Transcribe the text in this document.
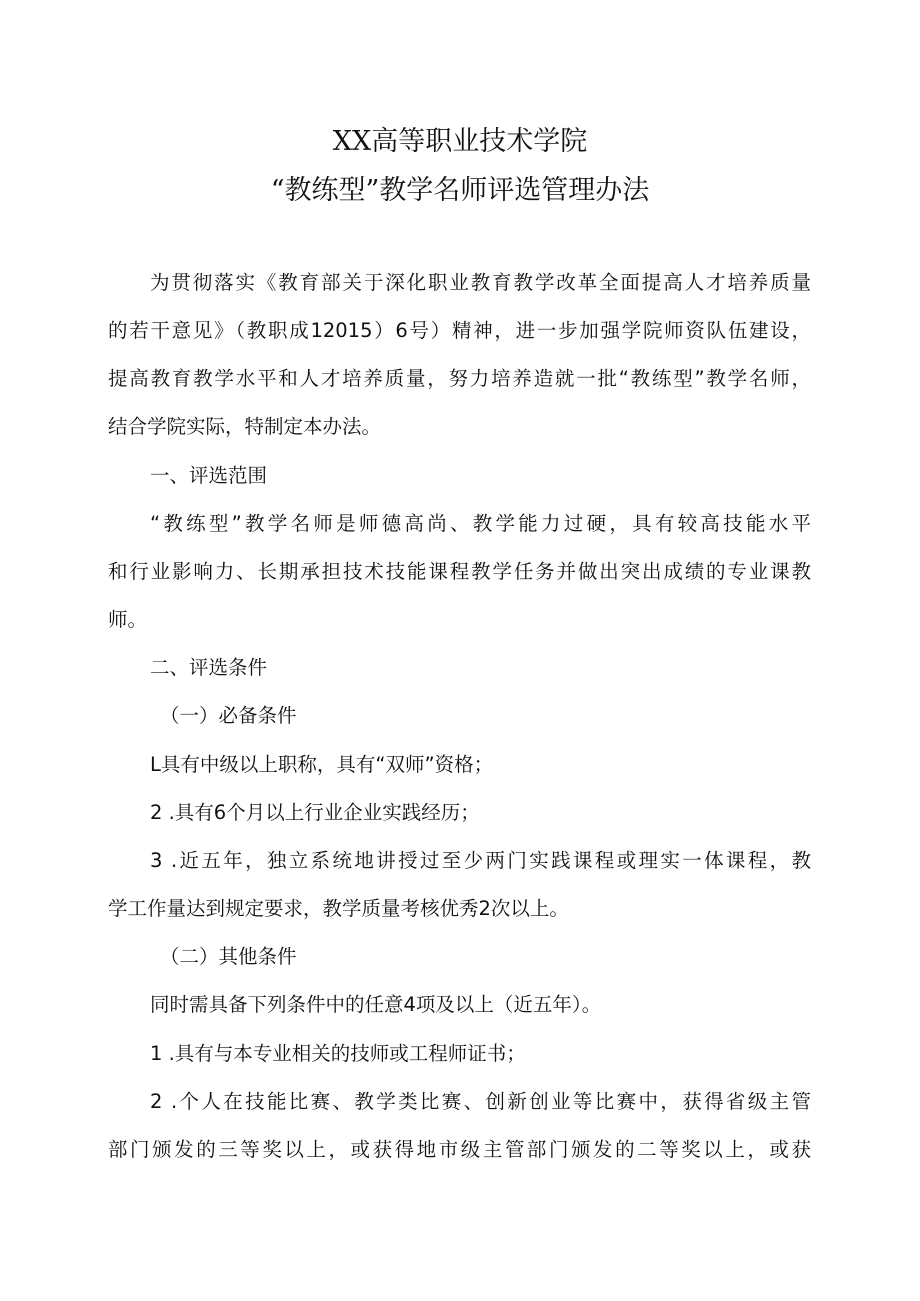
XX高等职业技术学院
“教练型”教学名师评选管理办法
为贯彻落实《教育部关于深化职业教育教学改革全面提高人才培养质量
的若干意见》（教职成12015）6号）精神，进一步加强学院师资队伍建设，
提高教育教学水平和人才培养质量，努力培养造就一批“教练型”教学名师，
结合学院实际，特制定本办法。
一、评选范围
“教练型”教学名师是师德高尚、教学能力过硬，具有较高技能水平
和行业影响力、长期承担技术技能课程教学任务并做出突出成绩的专业课教
师。
二、评选条件
（一）必备条件
L具有中级以上职称，具有“双师”资格；
2 .具有6个月以上行业企业实践经历；
3 .近五年，独立系统地讲授过至少两门实践课程或理实一体课程，教
学工作量达到规定要求，教学质量考核优秀2次以上。
（二）其他条件
同时需具备下列条件中的任意4项及以上（近五年）。
1 .具有与本专业相关的技师或工程师证书；
2 .个人在技能比赛、教学类比赛、创新创业等比赛中，获得省级主管
部门颁发的三等奖以上，或获得地市级主管部门颁发的二等奖以上，或获
